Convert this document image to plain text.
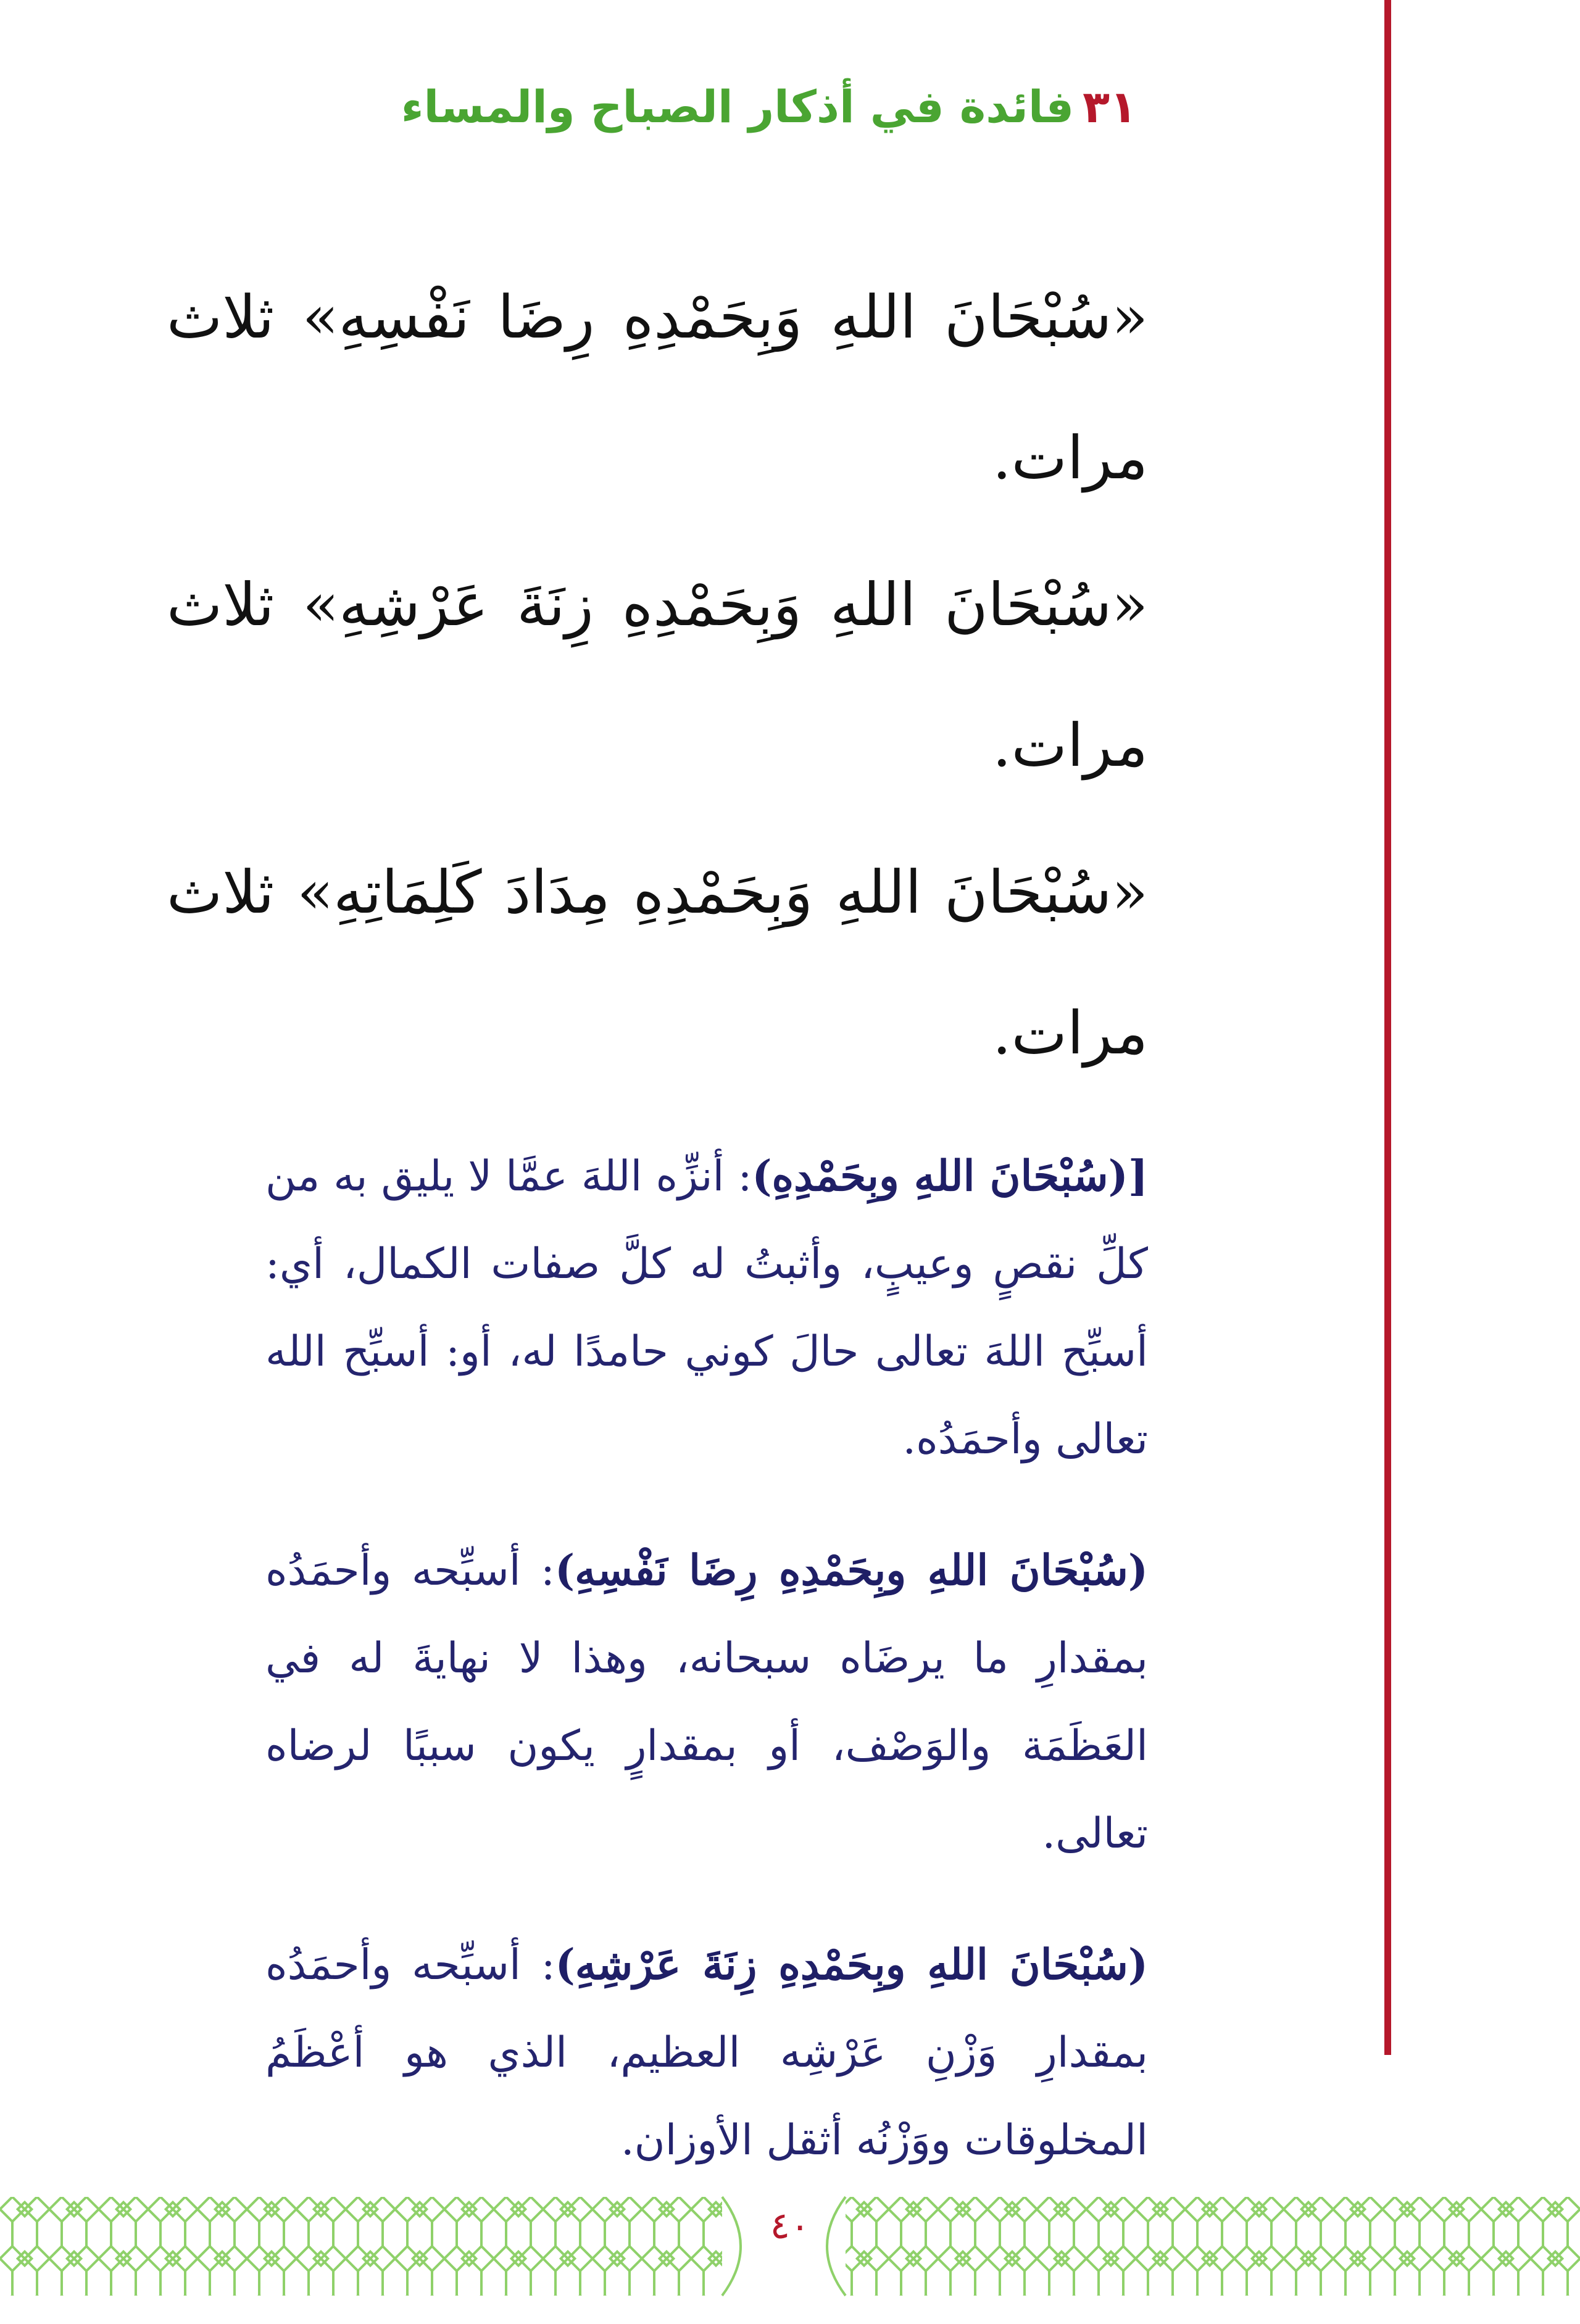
٣١فائدة في أذكار الصباح والمساء

«سُبْحَانَ اللهِ وَبِحَمْدِهِ رِضَا نَفْسِهِ» ثلاث مرات.

«سُبْحَانَ اللهِ وَبِحَمْدِهِ زِنَةَ عَرْشِهِ» ثلاث مرات.

«سُبْحَانَ اللهِ وَبِحَمْدِهِ مِدَادَ كَلِمَاتِهِ» ثلاث مرات.

[(سُبْحَانَ اللهِ وبِحَمْدِهِ): أنزِّه اللهَ عمَّا لا يليق به من كلِّ نقصٍ وعيبٍ، وأثبتُ له كلَّ صفات الكمال، أي: أسبِّح اللهَ تعالى حالَ كوني حامدًا له، أو: أسبِّح الله تعالى وأحمَدُه.

(سُبْحَانَ اللهِ وبِحَمْدِهِ رِضَا نَفْسِهِ): أسبِّحه وأحمَدُه بمقدارِ ما يرضَاه سبحانه، وهذا لا نهايةَ له في العَظَمَة والوَصْف، أو بمقدارٍ يكون سببًا لرضاه تعالى.

(سُبْحَانَ اللهِ وبِحَمْدِهِ زِنَةَ عَرْشِهِ): أسبِّحه وأحمَدُه بمقدارِ وَزْنِ عَرْشِه العظيم، الذي هو أعْظَمُ المخلوقات ووَزْنُه أثقل الأوزان.

٤٠
